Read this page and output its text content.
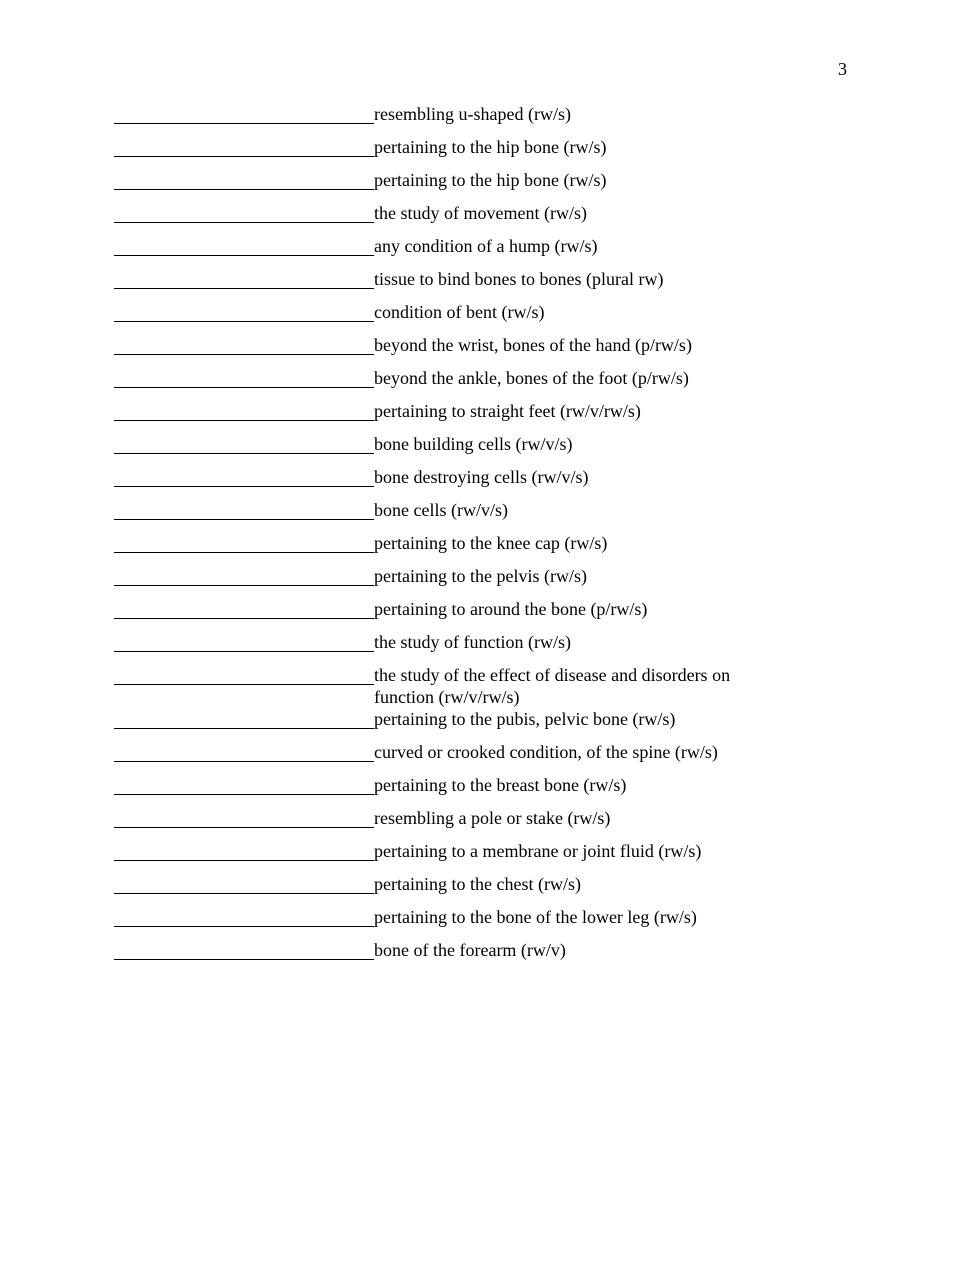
3
resembling u-shaped (rw/s)
pertaining to the hip bone (rw/s)
pertaining to the hip bone (rw/s)
the study of movement (rw/s)
any condition of a hump (rw/s)
tissue to bind bones to bones (plural rw)
condition of bent (rw/s)
beyond the wrist, bones of the hand (p/rw/s)
beyond the ankle, bones of the foot (p/rw/s)
pertaining to straight feet (rw/v/rw/s)
bone building cells (rw/v/s)
bone destroying cells (rw/v/s)
bone cells (rw/v/s)
pertaining to the knee cap (rw/s)
pertaining to the pelvis (rw/s)
pertaining to around the bone (p/rw/s)
the study of function (rw/s)
the study of the effect of disease and disorders on function (rw/v/rw/s)
pertaining to the pubis, pelvic bone (rw/s)
curved or crooked condition, of the spine (rw/s)
pertaining to the breast bone (rw/s)
resembling a pole or stake (rw/s)
pertaining to a membrane or joint fluid (rw/s)
pertaining to the chest (rw/s)
pertaining to the bone of the lower leg (rw/s)
bone of the forearm (rw/v)
